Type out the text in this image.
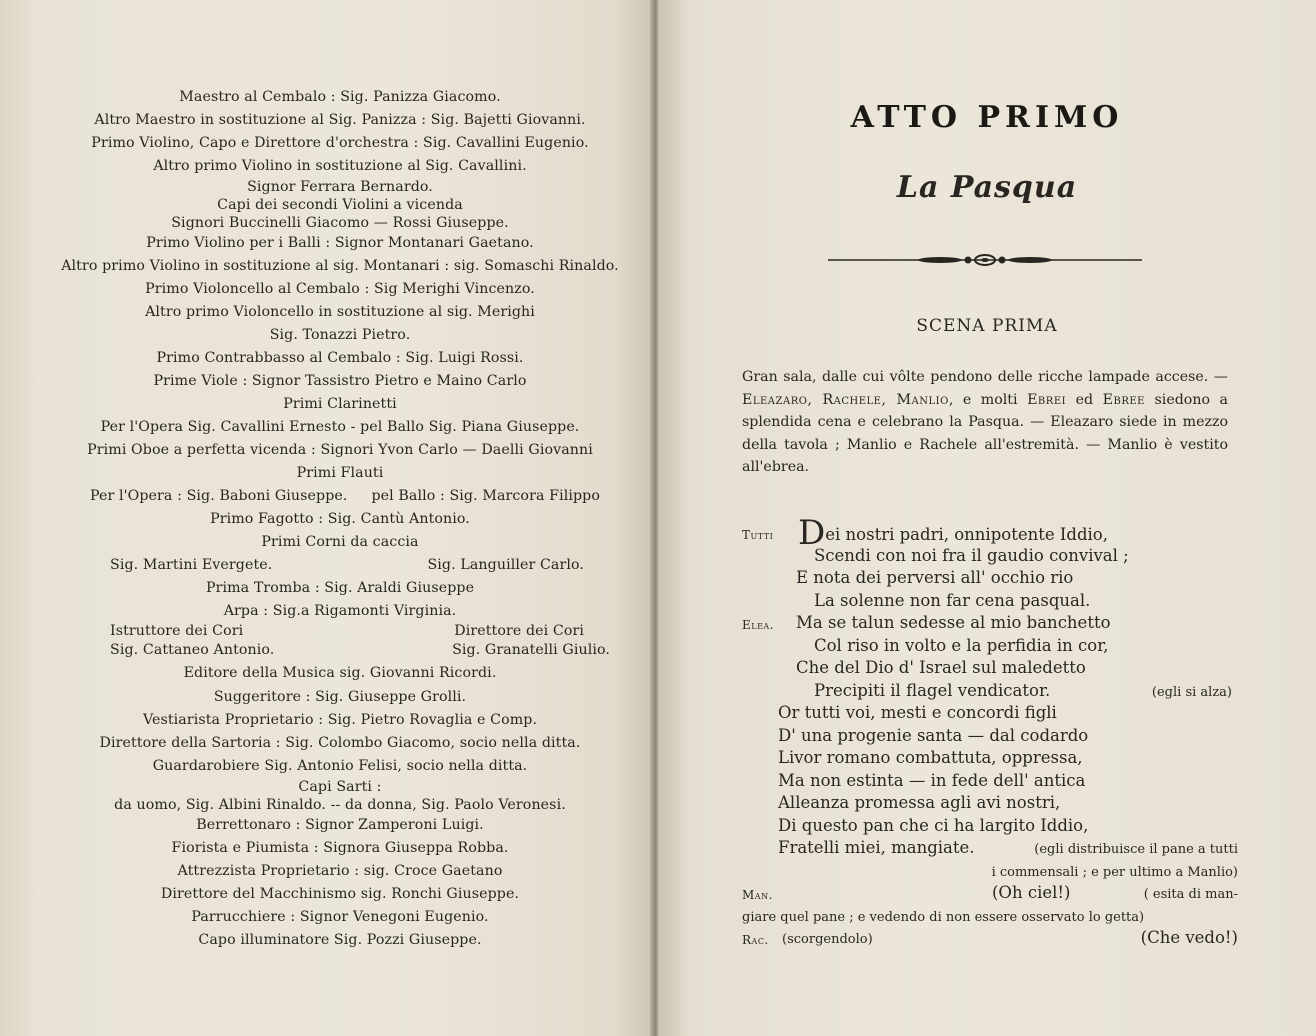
Maestro al Cembalo : Sig. Panizza Giacomo.
Altro Maestro in sostituzione al Sig. Panizza : Sig. Bajetti Giovanni.
Primo Violino, Capo e Direttore d'orchestra : Sig. Cavallini Eugenio.
Altro primo Violino in sostituzione al Sig. Cavallini.
Signor Ferrara Bernardo.
Capi dei secondi Violini a vicenda
Signori Buccinelli Giacomo — Rossi Giuseppe.
Primo Violino per i Balli : Signor Montanari Gaetano.
Altro primo Violino in sostituzione al sig. Montanari : sig. Somaschi Rinaldo.
Primo Violoncello al Cembalo : Sig Merighi Vincenzo.
Altro primo Violoncello in sostituzione al sig. Merighi
Sig. Tonazzi Pietro.
Primo Contrabbasso al Cembalo : Sig. Luigi Rossi.
Prime Viole : Signor Tassistro Pietro e Maino Carlo
Primi Clarinetti
Per l'Opera Sig. Cavallini Ernesto - pel Ballo Sig. Piana Giuseppe.
Primi Oboe a perfetta vicenda : Signori Yvon Carlo — Daelli Giovanni
Primi Flauti
Per l'Opera : Sig. Baboni Giuseppe. pel Ballo : Sig. Marcora Filippo
Primo Fagotto : Sig. Cantù Antonio.
Primi Corni da caccia
Sig. Martini Evergete.	Sig. Languiller Carlo.
Prima Tromba : Sig. Araldi Giuseppe
Arpa : Sig.a Rigamonti Virginia.
Istruttore dei Cori	Direttore dei Cori
Sig. Cattaneo Antonio.	Sig. Granatelli Giulio.
Editore della Musica sig. Giovanni Ricordi.
Suggeritore : Sig. Giuseppe Grolli.
Vestiarista Proprietario : Sig. Pietro Rovaglia e Comp.
Direttore della Sartoria : Sig. Colombo Giacomo, socio nella ditta.
Guardarobiere Sig. Antonio Felisi, socio nella ditta.
Capi Sarti :
da uomo, Sig. Albini Rinaldo. -- da donna, Sig. Paolo Veronesi.
Berrettonaro : Signor Zamperoni Luigi.
Fiorista e Piumista : Signora Giuseppa Robba.
Attrezzista Proprietario : sig. Croce Gaetano
Direttore del Macchinismo sig. Ronchi Giuseppe.
Parrucchiere : Signor Venegoni Eugenio.
Capo illuminatore Sig. Pozzi Giuseppe.
ATTO PRIMO
La Pasqua
SCENA PRIMA
Gran sala, dalle cui vôlte pendono delle ricche lampade accese. — Eleazaro, Rachele, Manlio, e molti Ebrei ed Ebree siedono a splendida cena e celebrano la Pasqua. — Eleazaro siede in mezzo della tavola ; Manlio e Rachele all'estremità. — Manlio è vestito all'ebrea.
Tutti Dei nostri padri, onnipotente Iddio,
Scendi con noi fra il gaudio convival ;
E nota dei perversi all' occhio rio
La solenne non far cena pasqual.
Elea. Ma se talun sedesse al mio banchetto
Col riso in volto e la perfidia in cor,
Che del Dio d' Israel sul maledetto
Precipiti il flagel vendicator.	(egli si alza)
Or tutti voi, mesti e concordi figli
D' una progenie santa — dal codardo
Livor romano combattuta, oppressa,
Ma non estinta — in fede dell' antica
Alleanza promessa agli avi nostri,
Di questo pan che ci ha largito Iddio,
Fratelli miei, mangiate.	(egli distribuisce il pane a tutti
i commensali ; e per ultimo a Manlio)
Man.	(Oh ciel!)	( esita di man-
giare quel pane ; e vedendo di non essere osservato lo getta)
Rac. (scorgendolo)	(Che vedo!)
